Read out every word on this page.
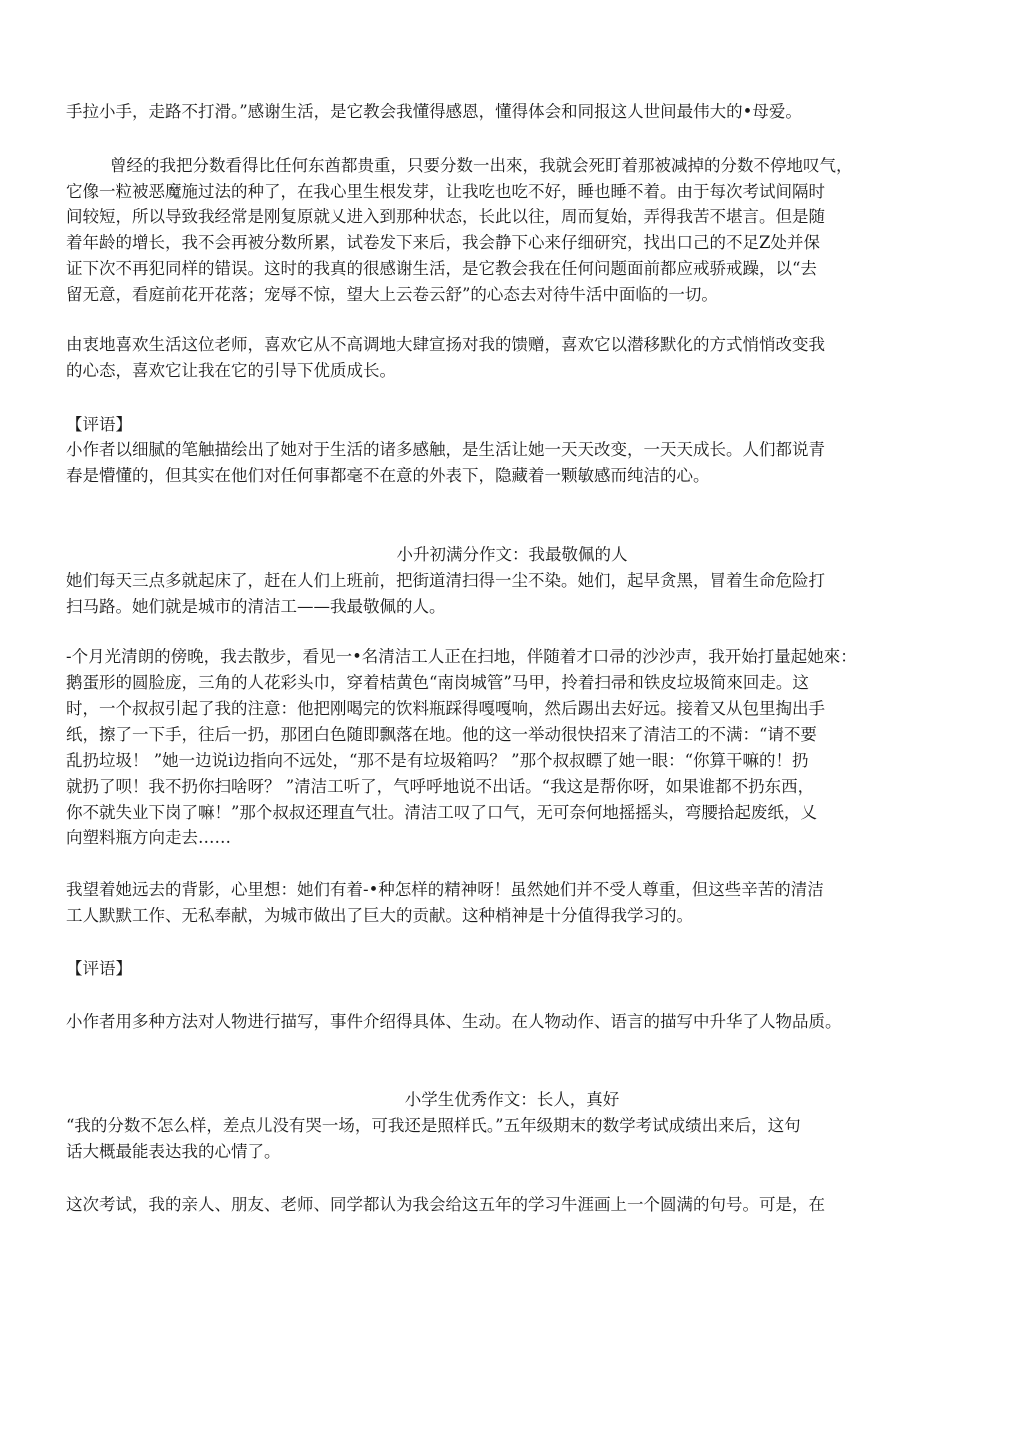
手拉小手，走路不打滑。”感谢生活，是它教会我懂得感恩，懂得体会和同报这人世间最伟大的•母爱。
曾经的我把分数看得比任何东酋都贵重，只要分数一出來，我就会死盯着那被减掉的分数不停地叹气，
它像一粒被恶魔施过法的种了，在我心里生根发芽，让我吃也吃不好，睡也睡不着。由于每次考试间隔时
间较短，所以导致我经常是刚复原就乂进入到那种状态，长此以往，周而复始，弄得我苦不堪言。但是随
着年龄的增长，我不会再被分数所累，试卷发下来后，我会静下心来仔细研究，找出口己的不足Z处并保
证下次不再犯同样的错误。这时的我真的很感谢生活，是它教会我在任何问题面前都应戒骄戒躁，以“去
留无意，看庭前花开花落；宠辱不惊，望大上云卷云舒”的心态去对待牛活中面临的一切。
由衷地喜欢生活这位老师，喜欢它从不高调地大肆宣扬对我的馈赠，喜欢它以潜移默化的方式悄悄改变我
的心态，喜欢它让我在它的引导下优质成长。
【评语】
小作者以细腻的笔触描绘出了她对于生活的诸多感触，是生活让她一天天改变，一天天成长。人们都说青
春是懵懂的，但其实在他们对任何事都毫不在意的外表下，隐藏着一颗敏感而纯洁的心。
小升初满分作文：我最敬佩的人
她们每天三点多就起床了，赶在人们上班前，把街道清扫得一尘不染。她们，起早贪黑，冒着生命危险打
扫马路。她们就是城市的清洁工——我最敬佩的人。
-个月光清朗的傍晚，我去散步，看见一•名清洁工人正在扫地，伴随着才口帚的沙沙声，我开始打量起她來：
鹅蛋形的圆脸庞，三角的人花彩头巾，穿着桔黄色“南岗城管”马甲，拎着扫帚和铁皮垃圾简來回走。这
时，一个叔叔引起了我的注意：他把刚喝完的饮料瓶踩得嘎嘎响，然后踢出去好远。接着又从包里掏出手
纸，擦了一下手，往后一扔，那团白色随即飘落在地。他的这一举动很快招来了清洁工的不满：“请不要
乱扔垃圾！ ”她一边说i边指向不远处，“那不是有垃圾箱吗？ ”那个叔叔瞟了她一眼：“你算干嘛的！扔
就扔了呗！我不扔你扫啥呀？ ”清洁工听了，气呼呼地说不出话。“我这是帮你呀，如果谁都不扔东西，
你不就失业下岗了嘛！”那个叔叔还理直气壮。清洁工叹了口气，无可奈何地摇摇头，弯腰拾起废纸，乂
向塑料瓶方向走去……
我望着她远去的背影，心里想：她们有着-•种怎样的精神呀！虽然她们并不受人尊重，但这些辛苦的清洁
工人默默工作、无私奉献，为城市做出了巨大的贡献。这种梢神是十分值得我学习的。
【评语】
小作者用多种方法对人物进行描写，事件介绍得具体、生动。在人物动作、语言的描写中升华了人物品质。
小学生优秀作文：长人，真好
“我的分数不怎么样，差点儿没有哭一场，可我还是照样氏。”五年级期末的数学考试成绩出来后，这句
话大概最能表达我的心情了。
这次考试，我的亲人、朋友、老师、同学都认为我会给这五年的学习牛涯画上一个圆满的句号。可是，在
